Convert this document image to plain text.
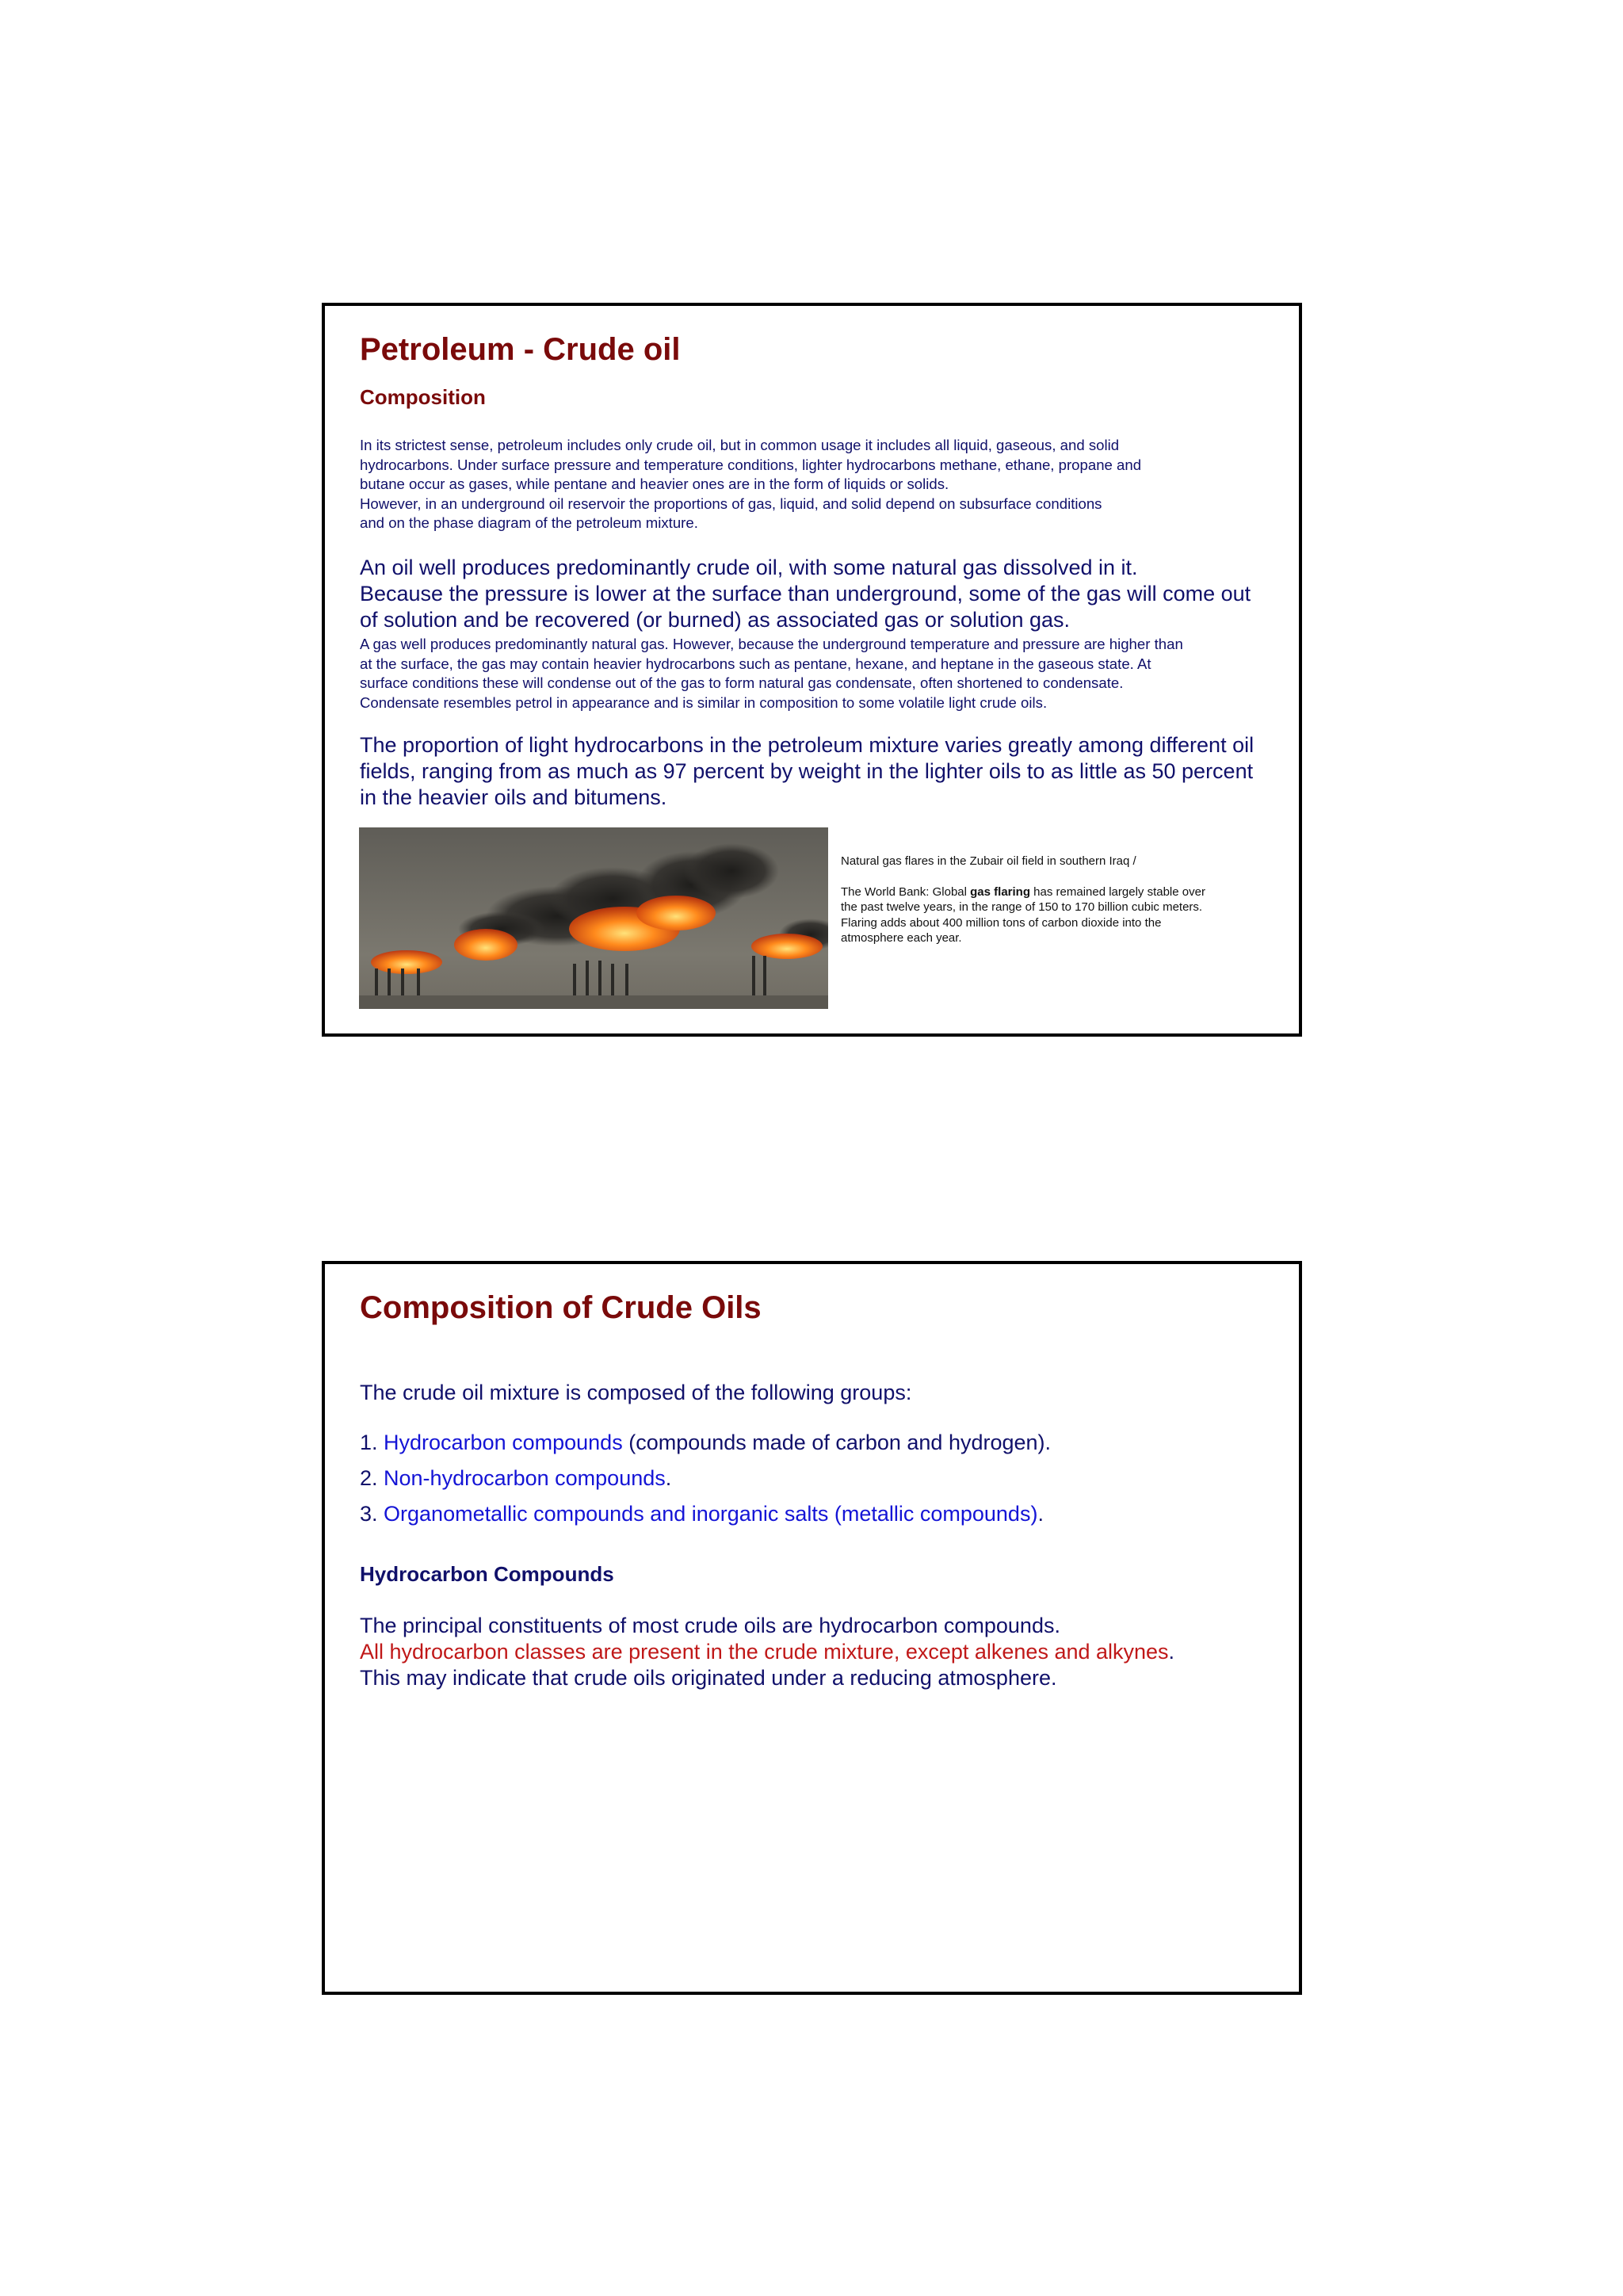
Petroleum - Crude oil
Composition
In its strictest sense, petroleum includes only crude oil, but in common usage it includes all liquid, gaseous, and solid
hydrocarbons. Under surface pressure and temperature conditions, lighter hydrocarbons methane, ethane, propane and
butane occur as gases, while pentane and heavier ones are in the form of liquids or solids.
However, in an underground oil reservoir the proportions of gas, liquid, and solid depend on subsurface conditions
and on the phase diagram of the petroleum mixture.
An oil well produces predominantly crude oil, with some natural gas dissolved in it.
Because the pressure is lower at the surface than underground, some of the gas will come out
of solution and be recovered (or burned) as associated gas or solution gas.
A gas well produces predominantly natural gas. However, because the underground temperature and pressure are higher than
at the surface, the gas may contain heavier hydrocarbons such as pentane, hexane, and heptane in the gaseous state. At
surface conditions these will condense out of the gas to form natural gas condensate, often shortened to condensate.
Condensate resembles petrol in appearance and is similar in composition to some volatile light crude oils.
The proportion of light hydrocarbons in the petroleum mixture varies greatly among different oil
fields, ranging from as much as 97 percent by weight in the lighter oils to as little as 50 percent
in the heavier oils and bitumens.
Natural gas flares in the Zubair oil field in southern Iraq /
The World Bank: Global gas flaring has remained largely stable over
the past twelve years, in the range of 150 to 170 billion cubic meters.
Flaring adds about 400 million tons of carbon dioxide into the
atmosphere each year.
Composition of Crude Oils
The crude oil mixture is composed of the following groups:
1. Hydrocarbon compounds (compounds made of carbon and hydrogen).
2. Non-hydrocarbon compounds.
3. Organometallic compounds and inorganic salts (metallic compounds).
Hydrocarbon Compounds
The principal constituents of most crude oils are hydrocarbon compounds.
All hydrocarbon classes are present in the crude mixture, except alkenes and alkynes.
This may indicate that crude oils originated under a reducing atmosphere.
